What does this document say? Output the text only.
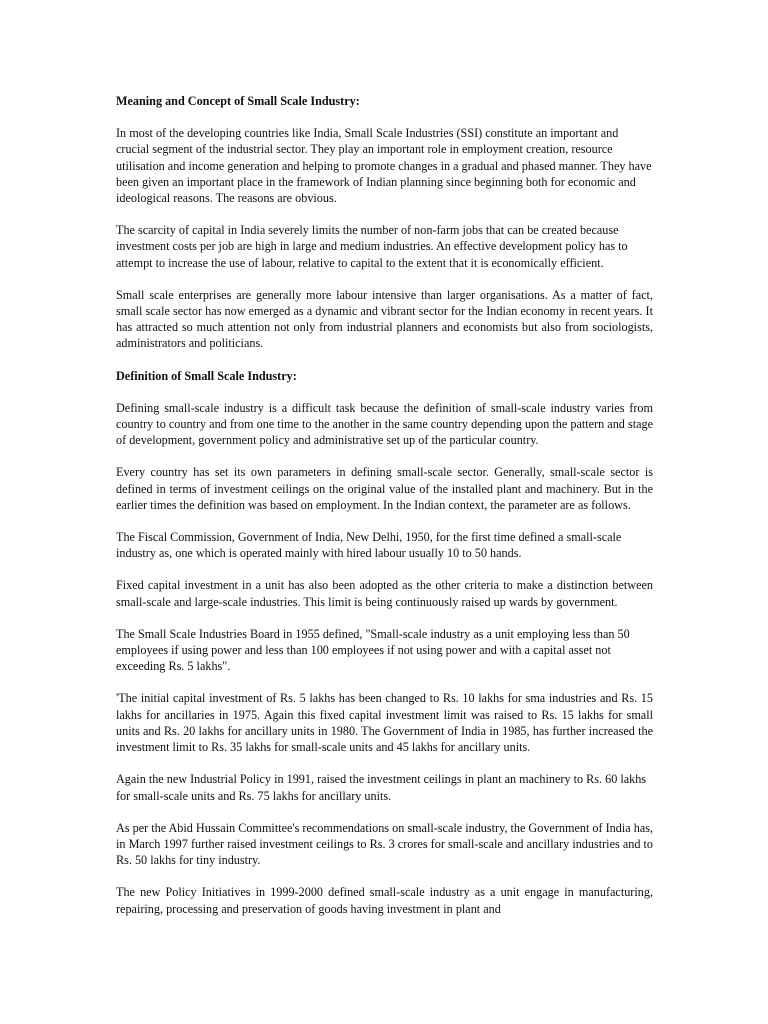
Meaning and Concept of Small Scale Industry:

In most of the developing countries like India, Small Scale Industries (SSI) constitute an important and crucial segment of the industrial sector. They play an important role in employment creation, resource utilisation and income generation and helping to promote changes in a gradual and phased manner. They have been given an important place in the framework of Indian planning since beginning both for economic and ideological reasons. The reasons are obvious.

The scarcity of capital in India severely limits the number of non-farm jobs that can be created because investment costs per job are high in large and medium industries. An effective development policy has to attempt to increase the use of labour, relative to capital to the extent that it is economically efficient.

Small scale enterprises are generally more labour intensive than larger organisations. As a matter of fact, small scale sector has now emerged as a dynamic and vibrant sector for the Indian economy in recent years. It has attracted so much attention not only from industrial planners and economists but also from sociologists, administrators and politicians.

Definition of Small Scale Industry:

Defining small-scale industry is a difficult task because the definition of small-scale industry varies from country to country and from one time to the another in the same country depending upon the pattern and stage of development, government policy and administrative set up of the particular country.

Every country has set its own parameters in defining small-scale sector. Generally, small-scale sector is defined in terms of investment ceilings on the original value of the installed plant and machinery. But in the earlier times the definition was based on employment. In the Indian context, the parameter are as follows.

The Fiscal Commission, Government of India, New Delhi, 1950, for the first time defined a small-scale industry as, one which is operated mainly with hired labour usually 10 to 50 hands.

Fixed capital investment in a unit has also been adopted as the other criteria to make a distinction between small-scale and large-scale industries. This limit is being continuously raised up wards by government.

The Small Scale Industries Board in 1955 defined, "Small-scale industry as a unit employing less than 50 employees if using power and less than 100 employees if not using power and with a capital asset not exceeding Rs. 5 lakhs".

'The initial capital investment of Rs. 5 lakhs has been changed to Rs. 10 lakhs for sma industries and Rs. 15 lakhs for ancillaries in 1975. Again this fixed capital investment limit was raised to Rs. 15 lakhs for small units and Rs. 20 lakhs for ancillary units in 1980. The Government of India in 1985, has further increased the investment limit to Rs. 35 lakhs for small-scale units and 45 lakhs for ancillary units.

Again the new Industrial Policy in 1991, raised the investment ceilings in plant an machinery to Rs. 60 lakhs for small-scale units and Rs. 75 lakhs for ancillary units.

As per the Abid Hussain Committee's recommendations on small-scale industry, the Government of India has, in March 1997 further raised investment ceilings to Rs. 3 crores for small-scale and ancillary industries and to Rs. 50 lakhs for tiny industry.

The new Policy Initiatives in 1999-2000 defined small-scale industry as a unit engage in manufacturing, repairing, processing and preservation of goods having investment in plant and
